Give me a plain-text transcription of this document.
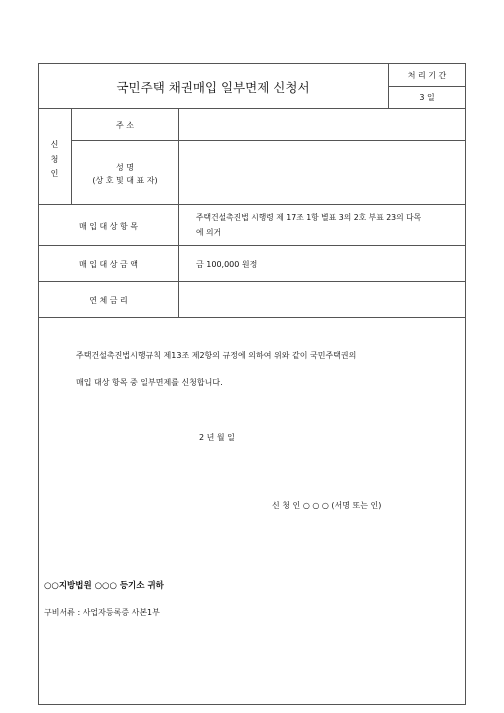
국민주택 채권매입 일부면제 신청서
처 리 기 간
3 일
신
청
인
주 소
성 명
(상 호 및 대 표 자)
매 입 대 상 항 목
주택건설촉진법 시행령 제 17조 1항 별표 3의 2호 부표 23의 다목
에 의거
매 입 대 상 금 액	금 100,000 원정
연 체 금 리
주택건설촉진법시행규칙 제13조 제2항의 규정에 의하여 위와 같이 국민주택권의
매입 대상 항목 중 일부면제를 신청합니다.
2 년 월 일
신 청 인 ○ ○ ○ (서명 또는 인)
○○지방법원 ○○○ 등기소 귀하
구비서류 : 사업자등록증 사본1부
